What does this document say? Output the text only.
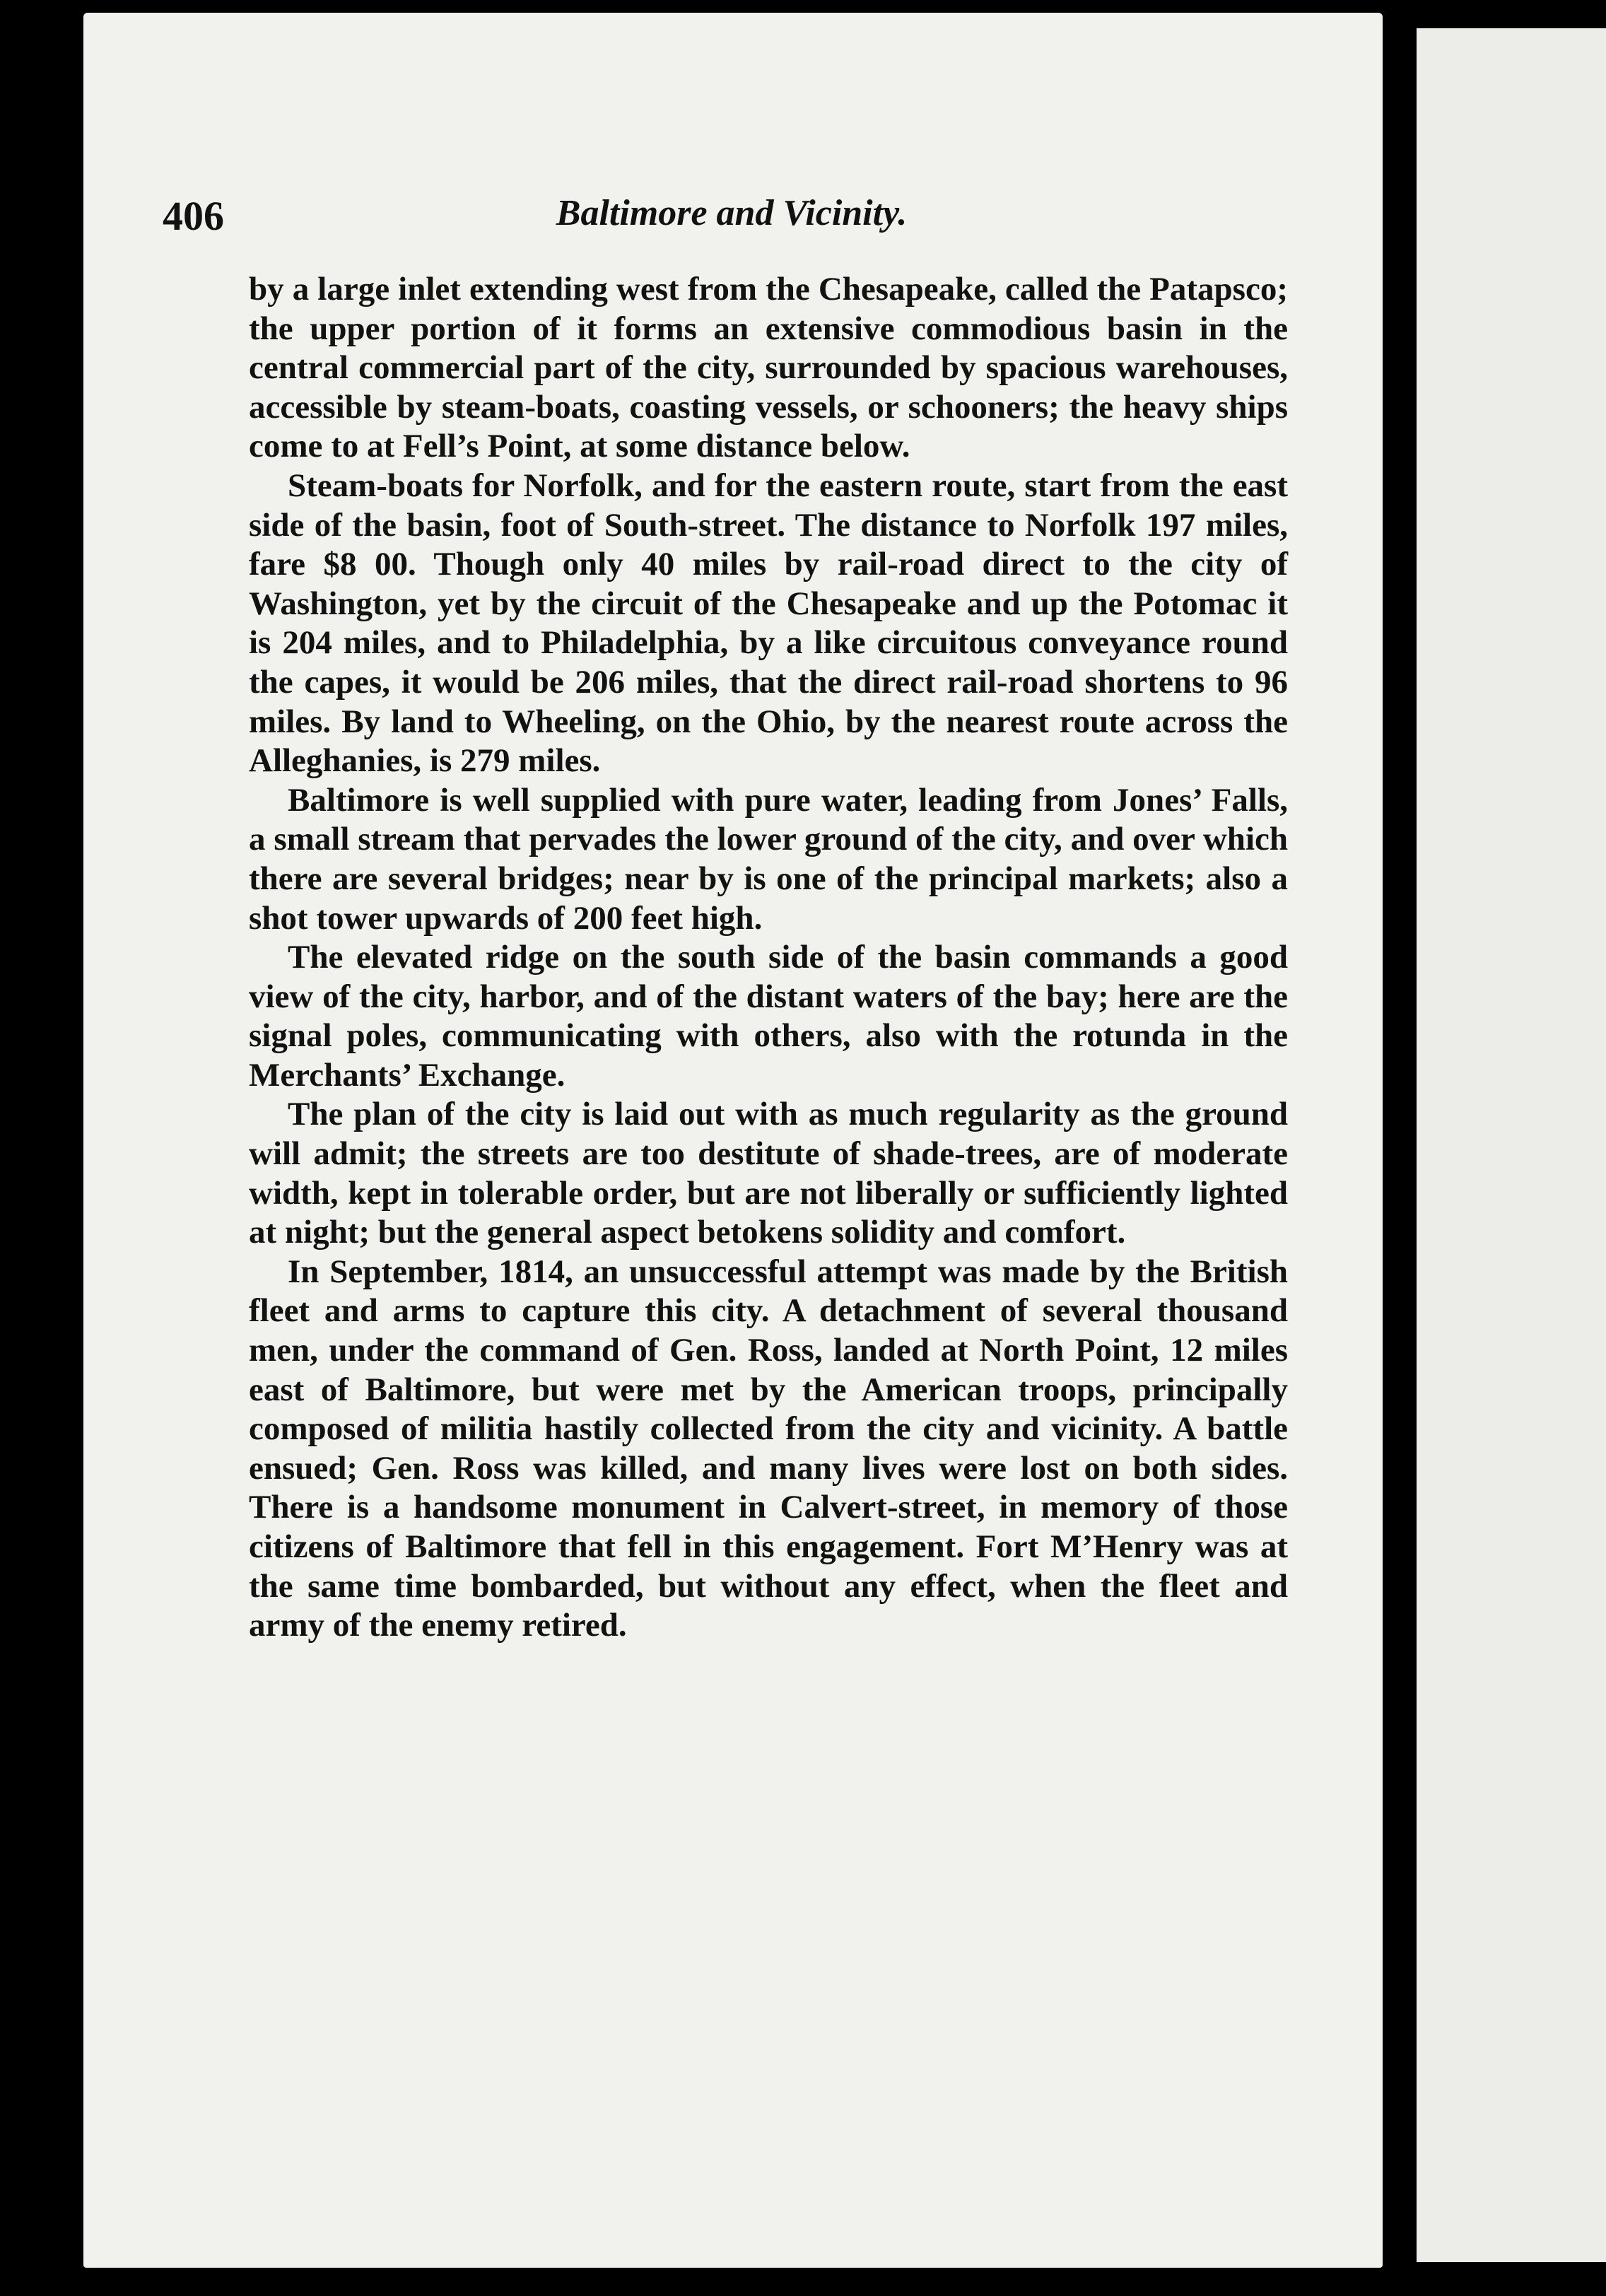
406	Baltimore and Vicinity.

by a large inlet extending west from the Chesapeake, called the Patapsco; the upper portion of it forms an extensive commodious basin in the central commercial part of the city, surrounded by spacious warehouses, accessible by steam-boats, coasting vessels, or schooners; the heavy ships come to at Fell’s Point, at some distance below.

Steam-boats for Norfolk, and for the eastern route, start from the east side of the basin, foot of South-street. The distance to Norfolk 197 miles, fare $8 00. Though only 40 miles by rail-road direct to the city of Washington, yet by the circuit of the Chesapeake and up the Potomac it is 204 miles, and to Philadelphia, by a like circuitous conveyance round the capes, it would be 206 miles, that the direct rail-road shortens to 96 miles. By land to Wheeling, on the Ohio, by the nearest route across the Alleghanies, is 279 miles.

Baltimore is well supplied with pure water, leading from Jones’ Falls, a small stream that pervades the lower ground of the city, and over which there are several bridges; near by is one of the principal markets; also a shot tower upwards of 200 feet high.

The elevated ridge on the south side of the basin commands a good view of the city, harbor, and of the distant waters of the bay; here are the signal poles, communicating with others, also with the rotunda in the Merchants’ Exchange.

The plan of the city is laid out with as much regularity as the ground will admit; the streets are too destitute of shade-trees, are of moderate width, kept in tolerable order, but are not liberally or sufficiently lighted at night; but the general aspect betokens solidity and comfort.

In September, 1814, an unsuccessful attempt was made by the British fleet and arms to capture this city. A detachment of several thousand men, under the command of Gen. Ross, landed at North Point, 12 miles east of Baltimore, but were met by the American troops, principally composed of militia hastily collected from the city and vicinity. A battle ensued; Gen. Ross was killed, and many lives were lost on both sides. There is a handsome monument in Calvert-street, in memory of those citizens of Baltimore that fell in this engagement. Fort M’Henry was at the same time bombarded, but without any effect, when the fleet and army of the enemy retired.
